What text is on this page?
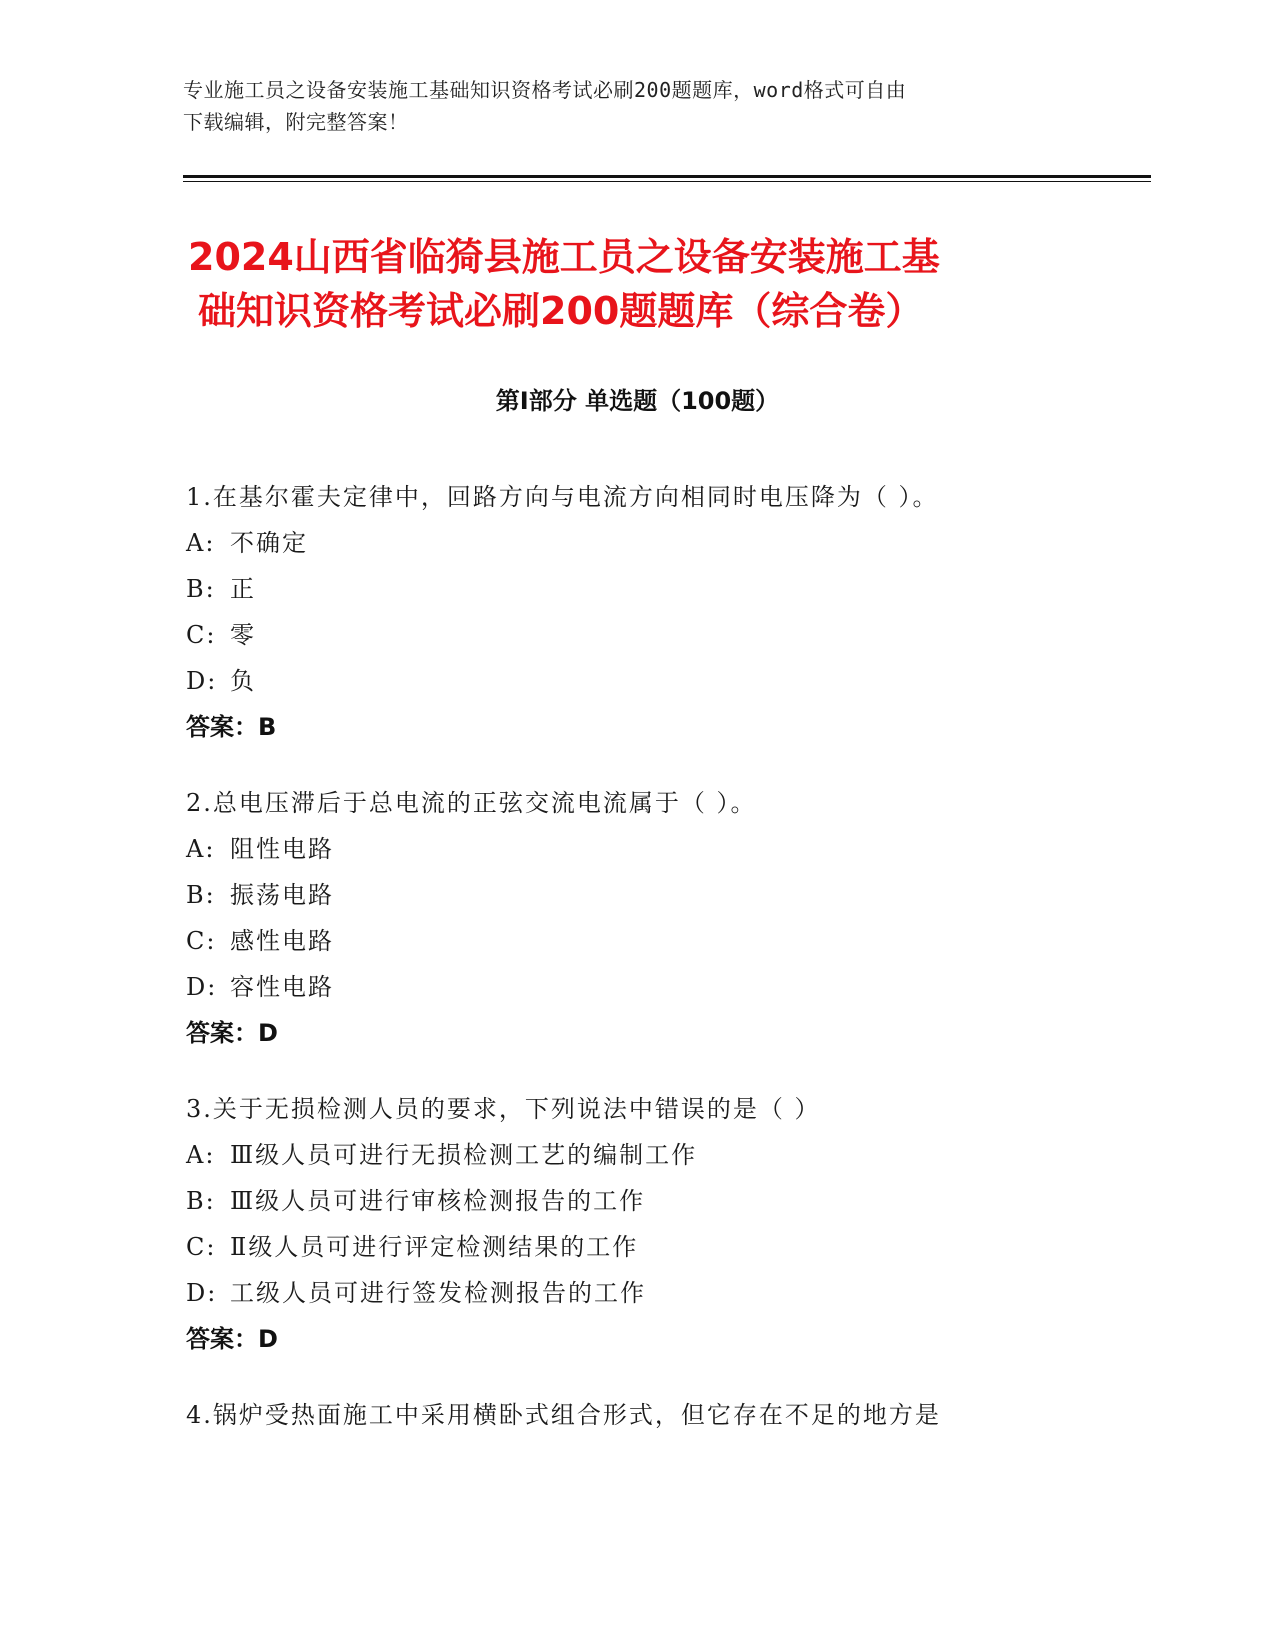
专业施工员之设备安装施工基础知识资格考试必刷200题题库，word格式可自由
下载编辑，附完整答案！
2024山西省临猗县施工员之设备安装施工基
础知识资格考试必刷200题题库（综合卷）
第Ⅰ部分 单选题（100题）
1.在基尔霍夫定律中，回路方向与电流方向相同时电压降为（ ）。
A: 不确定
B: 正
C: 零
D: 负
答案：B
2.总电压滞后于总电流的正弦交流电流属于（ ）。
A: 阻性电路
B: 振荡电路
C: 感性电路
D: 容性电路
答案：D
3.关于无损检测人员的要求，下列说法中错误的是（ ）
A: Ⅲ级人员可进行无损检测工艺的编制工作
B: Ⅲ级人员可进行审核检测报告的工作
C: Ⅱ级人员可进行评定检测结果的工作
D: 工级人员可进行签发检测报告的工作
答案：D
4.锅炉受热面施工中采用横卧式组合形式，但它存在不足的地方是
